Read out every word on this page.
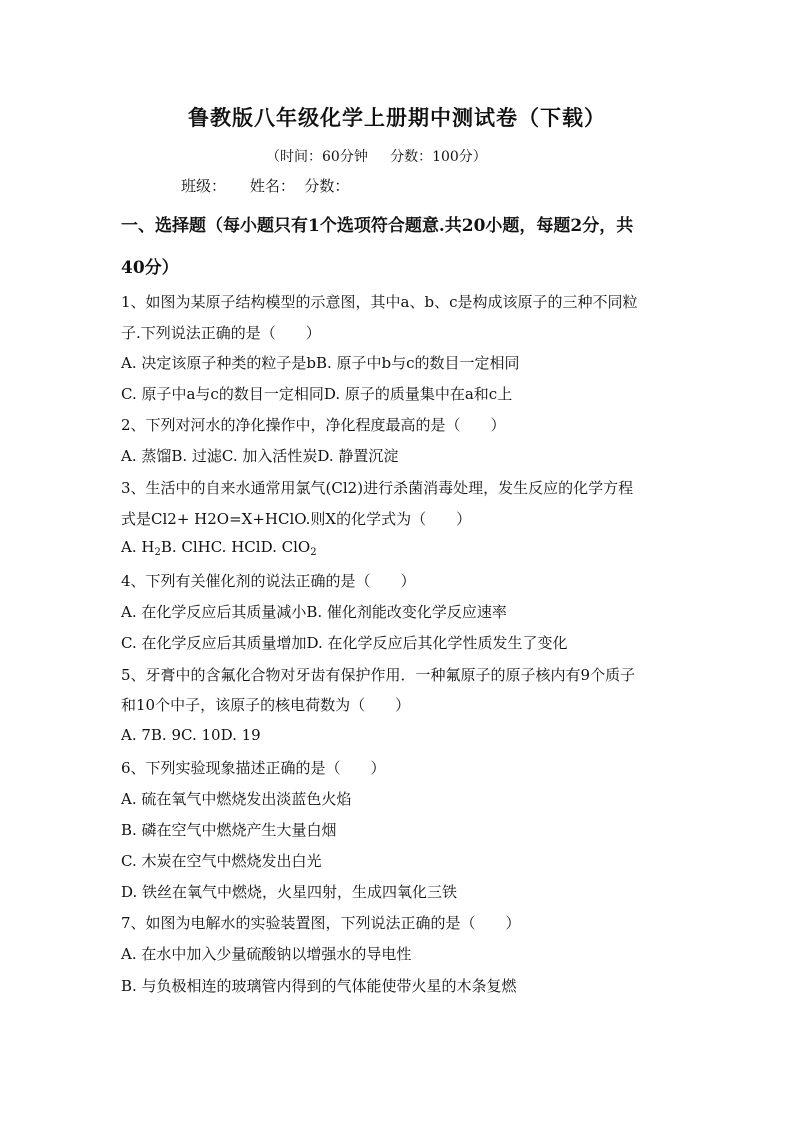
鲁教版八年级化学上册期中测试卷（下载）
（时间：60分钟     分数：100分）
班级：     姓名：  分数：
一、选择题（每小题只有1个选项符合题意.共20小题，每题2分，共
40分）
1、如图为某原子结构模型的示意图，其中a、b、c是构成该原子的三种不同粒
子.下列说法正确的是（　　）
A. 决定该原子种类的粒子是bB. 原子中b与c的数目一定相同
C. 原子中a与c的数目一定相同D. 原子的质量集中在a和c上
2、下列对河水的净化操作中，净化程度最高的是（　　）
A. 蒸馏B. 过滤C. 加入活性炭D. 静置沉淀
3、生活中的自来水通常用氯气(Cl2)进行杀菌消毒处理，发生反应的化学方程
式是Cl2+ H2O=X+HClO.则X的化学式为（　　）
A. $H_2B$. ClHC. HClD. ClO$_2$
4、下列有关催化剂的说法正确的是（　　）
A. 在化学反应后其质量减小B. 催化剂能改变化学反应速率
C. 在化学反应后其质量增加D. 在化学反应后其化学性质发生了变化
5、牙膏中的含氟化合物对牙齿有保护作用．一种氟原子的原子核内有9个质子
和10个中子，该原子的核电荷数为（　　）
A. 7B. 9C. 10D. 19
6、下列实验现象描述正确的是（　　）
A. 硫在氧气中燃烧发出淡蓝色火焰
B. 磷在空气中燃烧产生大量白烟
C. 木炭在空气中燃烧发出白光
D. 铁丝在氧气中燃烧，火星四射，生成四氧化三铁
7、如图为电解水的实验装置图，下列说法正确的是（　　）
A. 在水中加入少量硫酸钠以增强水的导电性
B. 与负极相连的玻璃管内得到的气体能使带火星的木条复燃
